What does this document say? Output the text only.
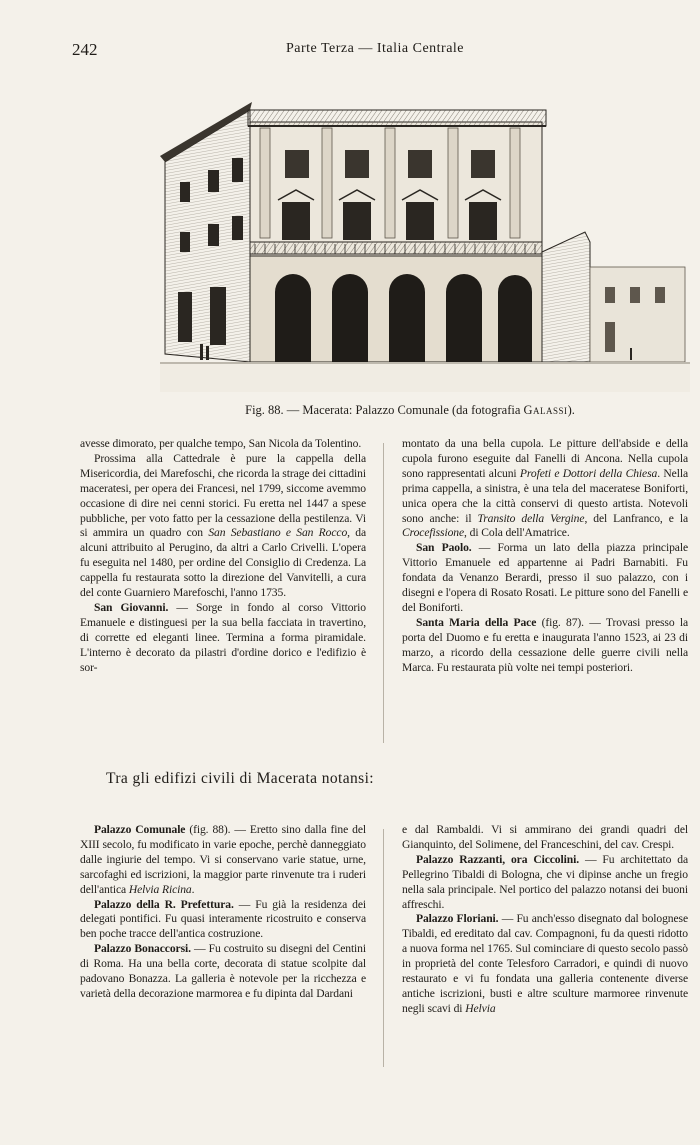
242	Parte Terza — Italia Centrale
Fig. 88. — Macerata: Palazzo Comunale (da fotografia Galassi).

avesse dimorato, per qualche tempo, San Nicola da Tolentino.

Prossima alla Cattedrale è pure la cappella della Misericordia, dei Marefoschi, che ricorda la strage dei cittadini maceratesi, per opera dei Francesi, nel 1799, siccome avemmo occasione di dire nei cenni storici. Fu eretta nel 1447 a spese pubbliche, per voto fatto per la cessazione della pestilenza. Vi si ammira un quadro con San Sebastiano e San Rocco, da alcuni attribuito al Perugino, da altri a Carlo Crivelli. L'opera fu eseguita nel 1480, per ordine del Consiglio di Credenza. La cappella fu restaurata sotto la direzione del Vanvitelli, a cura del conte Guarniero Marefoschi, l'anno 1735.

San Giovanni. — Sorge in fondo al corso Vittorio Emanuele e distinguesi per la sua bella facciata in travertino, di corrette ed eleganti linee. Termina a forma piramidale. L'interno è decorato da pilastri d'ordine dorico e l'edifizio è sor-

montato da una bella cupola. Le pitture dell'abside e della cupola furono eseguite dal Fanelli di Ancona. Nella cupola sono rappresentati alcuni Profeti e Dottori della Chiesa. Nella prima cappella, a sinistra, è una tela del maceratese Boniforti, unica opera che la città conservi di questo artista. Notevoli sono anche: il Transito della Vergine, del Lanfranco, e la Crocefissione, di Cola dell'Amatrice.

San Paolo. — Forma un lato della piazza principale Vittorio Emanuele ed appartenne ai Padri Barnabiti. Fu fondata da Venanzo Berardi, presso il suo palazzo, con i disegni e l'opera di Rosato Rosati. Le pitture sono del Fanelli e del Boniforti.

Santa Maria della Pace (fig. 87). — Trovasi presso la porta del Duomo e fu eretta e inaugurata l'anno 1523, ai 23 di marzo, a ricordo della cessazione delle guerre civili nella Marca. Fu restaurata più volte nei tempi posteriori.

Tra gli edifizi civili di Macerata notansi:

Palazzo Comunale (fig. 88). — Eretto sino dalla fine del XIII secolo, fu modificato in varie epoche, perchè danneggiato dalle ingiurie del tempo. Vi si conservano varie statue, urne, sarcofaghi ed iscrizioni, la maggior parte rinvenute tra i ruderi dell'antica Helvia Ricina.

Palazzo della R. Prefettura. — Fu già la residenza dei delegati pontifici. Fu quasi interamente ricostruito e conserva ben poche tracce dell'antica costruzione.

Palazzo Bonaccorsi. — Fu costruito su disegni del Centini di Roma. Ha una bella corte, decorata di statue scolpite dal padovano Bonazza. La galleria è notevole per la ricchezza e varietà della decorazione marmorea e fu dipinta dal Dardani

e dal Rambaldi. Vi si ammirano dei grandi quadri del Gianquinto, del Solimene, del Franceschini, del cav. Crespi.

Palazzo Razzanti, ora Ciccolini. — Fu architettato da Pellegrino Tibaldi di Bologna, che vi dipinse anche un fregio nella sala principale. Nel portico del palazzo notansi dei buoni affreschi.

Palazzo Floriani. — Fu anch'esso disegnato dal bolognese Tibaldi, ed ereditato dal cav. Compagnoni, fu da questi ridotto a nuova forma nel 1765. Sul cominciare di questo secolo passò in proprietà del conte Telesforo Carradori, e quindi di nuovo restaurato e vi fu fondata una galleria contenente diverse antiche iscrizioni, busti e altre sculture marmoree rinvenute negli scavi di Helvia
